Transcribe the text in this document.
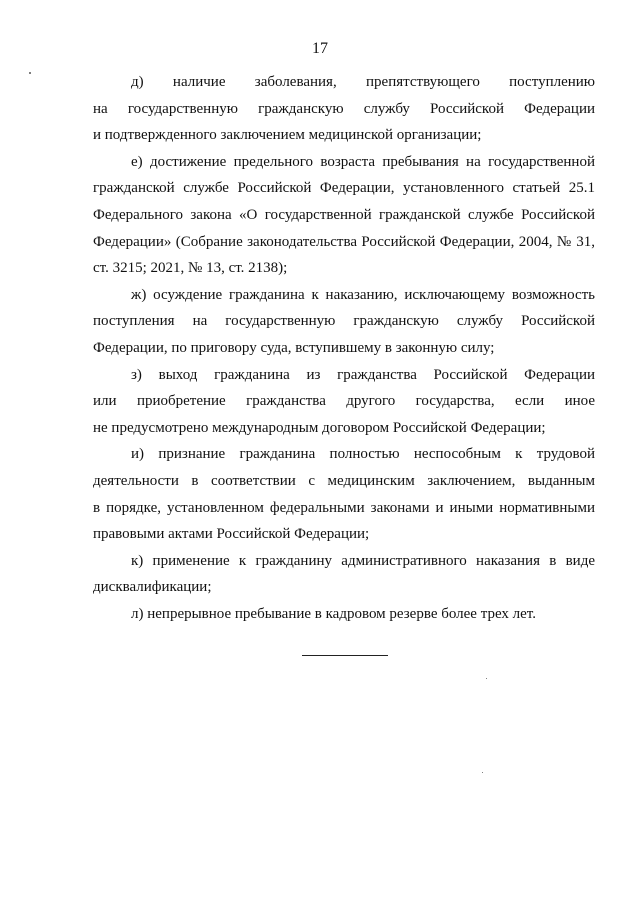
17

д) наличие заболевания, препятствующего поступлению
на государственную гражданскую службу Российской Федерации
и подтвержденного заключением медицинской организации;

е) достижение предельного возраста пребывания на государственной
гражданской службе Российской Федерации, установленного статьей 25.1
Федерального закона «О государственной гражданской службе Российской
Федерации» (Собрание законодательства Российской Федерации, 2004, № 31,
ст. 3215; 2021, № 13, ст. 2138);

ж) осуждение гражданина к наказанию, исключающему возможность
поступления на государственную гражданскую службу Российской
Федерации, по приговору суда, вступившему в законную силу;

з) выход гражданина из гражданства Российской Федерации
или приобретение гражданства другого государства, если иное
не предусмотрено международным договором Российской Федерации;

и) признание гражданина полностью неспособным к трудовой
деятельности в соответствии с медицинским заключением, выданным
в порядке, установленном федеральными законами и иными нормативными
правовыми актами Российской Федерации;

к) применение к гражданину административного наказания в виде
дисквалификации;

л) непрерывное пребывание в кадровом резерве более трех лет.
